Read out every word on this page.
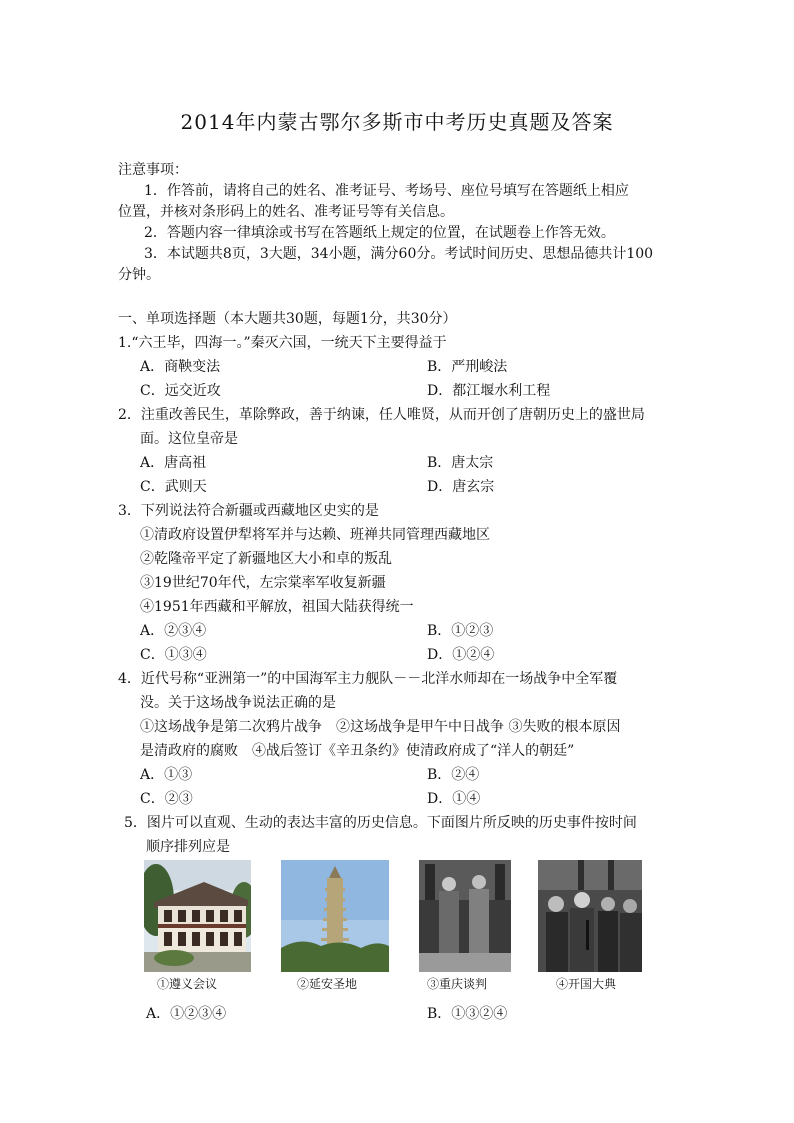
2014年内蒙古鄂尔多斯市中考历史真题及答案
注意事项：
1．作答前，请将自己的姓名、准考证号、考场号、座位号填写在答题纸上相应
位置，并核对条形码上的姓名、准考证号等有关信息。
2．答题内容一律填涂或书写在答题纸上规定的位置，在试题卷上作答无效。
3．本试题共8页，3大题，34小题，满分60分。考试时间历史、思想品德共计100
分钟。
一、单项选择题（本大题共30题，每题1分，共30分）
1.“六王毕，四海一。”秦灭六国，一统天下主要得益于
A．商鞅变法	B．严刑峻法
C．远交近攻	D．都江堰水利工程
2．注重改善民生，革除弊政，善于纳谏，任人唯贤，从而开创了唐朝历史上的盛世局
面。这位皇帝是
A．唐高祖	B．唐太宗
C．武则天	D．唐玄宗
3．下列说法符合新疆或西藏地区史实的是
①清政府设置伊犁将军并与达赖、班禅共同管理西藏地区
②乾隆帝平定了新疆地区大小和卓的叛乱
③19世纪70年代，左宗棠率军收复新疆
④1951年西藏和平解放，祖国大陆获得统一
A．②③④	B．①②③
C．①③④	D．①②④
4．近代号称“亚洲第一”的中国海军主力舰队－－北洋水师却在一场战争中全军覆
没。关于这场战争说法正确的是
①这场战争是第二次鸦片战争　②这场战争是甲午中日战争 ③失败的根本原因
是清政府的腐败　④战后签订《辛丑条约》使清政府成了“洋人的朝廷”
A．①③	B．②④
C．②③	D．①④
5．图片可以直观、生动的表达丰富的历史信息。下面图片所反映的历史事件按时间
顺序排列应是
①遵义会议	②延安圣地	③重庆谈判	④开国大典
A．①②③④	B．①③②④
